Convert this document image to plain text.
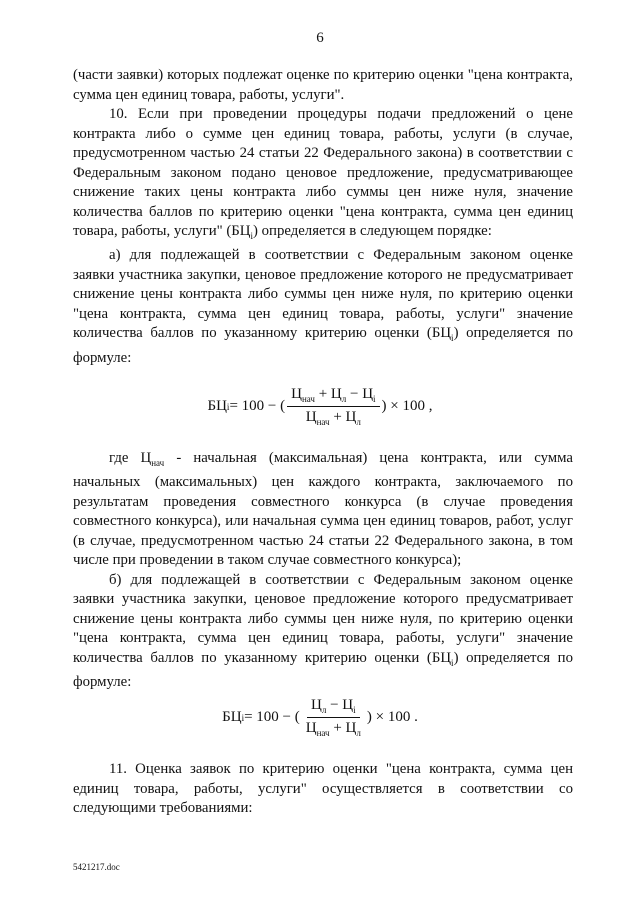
6

(части заявки) которых подлежат оценке по критерию оценки "цена контракта, сумма цен единиц товара, работы, услуги".

10. Если при проведении процедуры подачи предложений о цене контракта либо о сумме цен единиц товара, работы, услуги (в случае, предусмотренном частью 24 статьи 22 Федерального закона) в соответствии с Федеральным законом подано ценовое предложение, предусматривающее снижение таких цены контракта либо суммы цен ниже нуля, значение количества баллов по критерию оценки "цена контракта, сумма цен единиц товара, работы, услуги" $(БЦ_i)$ определяется в следующем порядке:

а) для подлежащей в соответствии с Федеральным законом оценке заявки участника закупки, ценовое предложение которого не предусматривает снижение цены контракта либо суммы цен ниже нуля, по критерию оценки "цена контракта, сумма цен единиц товара, работы, услуги" значение количества баллов по указанному критерию оценки $(БЦ_i)$ определяется по формуле:

БЦ i = 100 − ( $\frac{Ц_{нач} + Ц_л - Ц_i}{Ц_{нач} + Ц_л}$ ) × 100 ,

где $Ц_{нач}$ - начальная (максимальная) цена контракта, или сумма начальных (максимальных) цен каждого контракта, заключаемого по результатам проведения совместного конкурса (в случае проведения совместного конкурса), или начальная сумма цен единиц товаров, работ, услуг (в случае, предусмотренном частью 24 статьи 22 Федерального закона, в том числе при проведении в таком случае совместного конкурса);

б) для подлежащей в соответствии с Федеральным законом оценке заявки участника закупки, ценовое предложение которого предусматривает снижение цены контракта либо суммы цен ниже нуля, по критерию оценки "цена контракта, сумма цен единиц товара, работы, услуги" значение количества баллов по указанному критерию оценки $(БЦ_i)$ определяется по формуле:

БЦ i = 100 − ( $\frac{Ц_л - Ц_i}{Ц_{нач} + Ц_л}$ ) × 100 .

11. Оценка заявок по критерию оценки "цена контракта, сумма цен единиц товара, работы, услуги" осуществляется в соответствии со следующими требованиями:

5421217.doc
